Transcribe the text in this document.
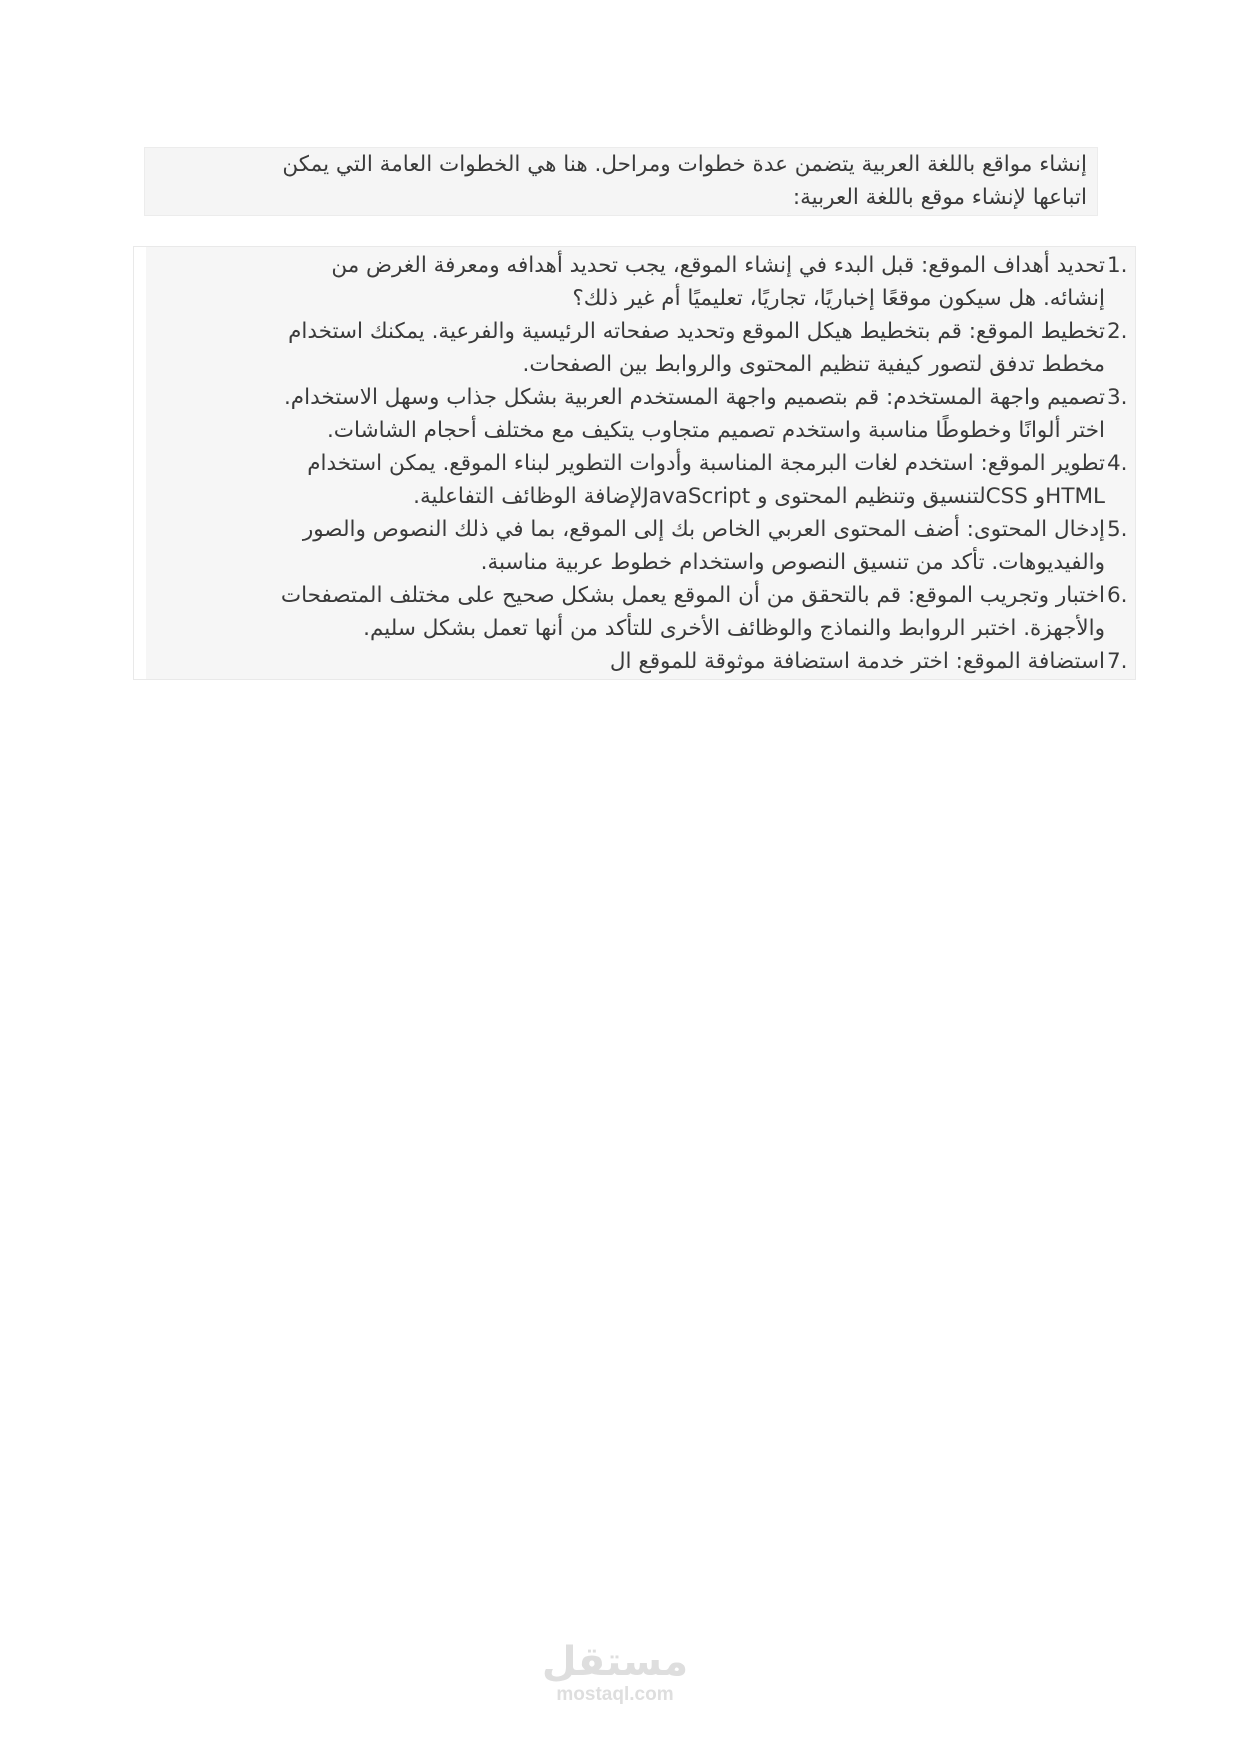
إنشاء مواقع باللغة العربية يتضمن عدة خطوات ومراحل. هنا هي الخطوات العامة التي يمكن
اتباعها لإنشاء موقع باللغة العربية:
1.
تحديد أهداف الموقع: قبل البدء في إنشاء الموقع، يجب تحديد أهدافه ومعرفة الغرض من
إنشائه. هل سيكون موقعًا إخباريًا، تجاريًا، تعليميًا أم غير ذلك؟
2.
تخطيط الموقع: قم بتخطيط هيكل الموقع وتحديد صفحاته الرئيسية والفرعية. يمكنك استخدام
مخطط تدفق لتصور كيفية تنظيم المحتوى والروابط بين الصفحات.
3.
تصميم واجهة المستخدم: قم بتصميم واجهة المستخدم العربية بشكل جذاب وسهل الاستخدام.
اختر ألوانًا وخطوطًا مناسبة واستخدم تصميم متجاوب يتكيف مع مختلف أحجام الشاشات.
4.
تطوير الموقع: استخدم لغات البرمجة المناسبة وأدوات التطوير لبناء الموقع. يمكن استخدام
HTMLو CSSلتنسيق وتنظيم المحتوى و JavaScriptلإضافة الوظائف التفاعلية.
5.
إدخال المحتوى: أضف المحتوى العربي الخاص بك إلى الموقع، بما في ذلك النصوص والصور
والفيديوهات. تأكد من تنسيق النصوص واستخدام خطوط عربية مناسبة.
6.
اختبار وتجريب الموقع: قم بالتحقق من أن الموقع يعمل بشكل صحيح على مختلف المتصفحات
والأجهزة. اختبر الروابط والنماذج والوظائف الأخرى للتأكد من أنها تعمل بشكل سليم.
7.
استضافة الموقع: اختر خدمة استضافة موثوقة للموقع ال
مستقل
mostaql.com
